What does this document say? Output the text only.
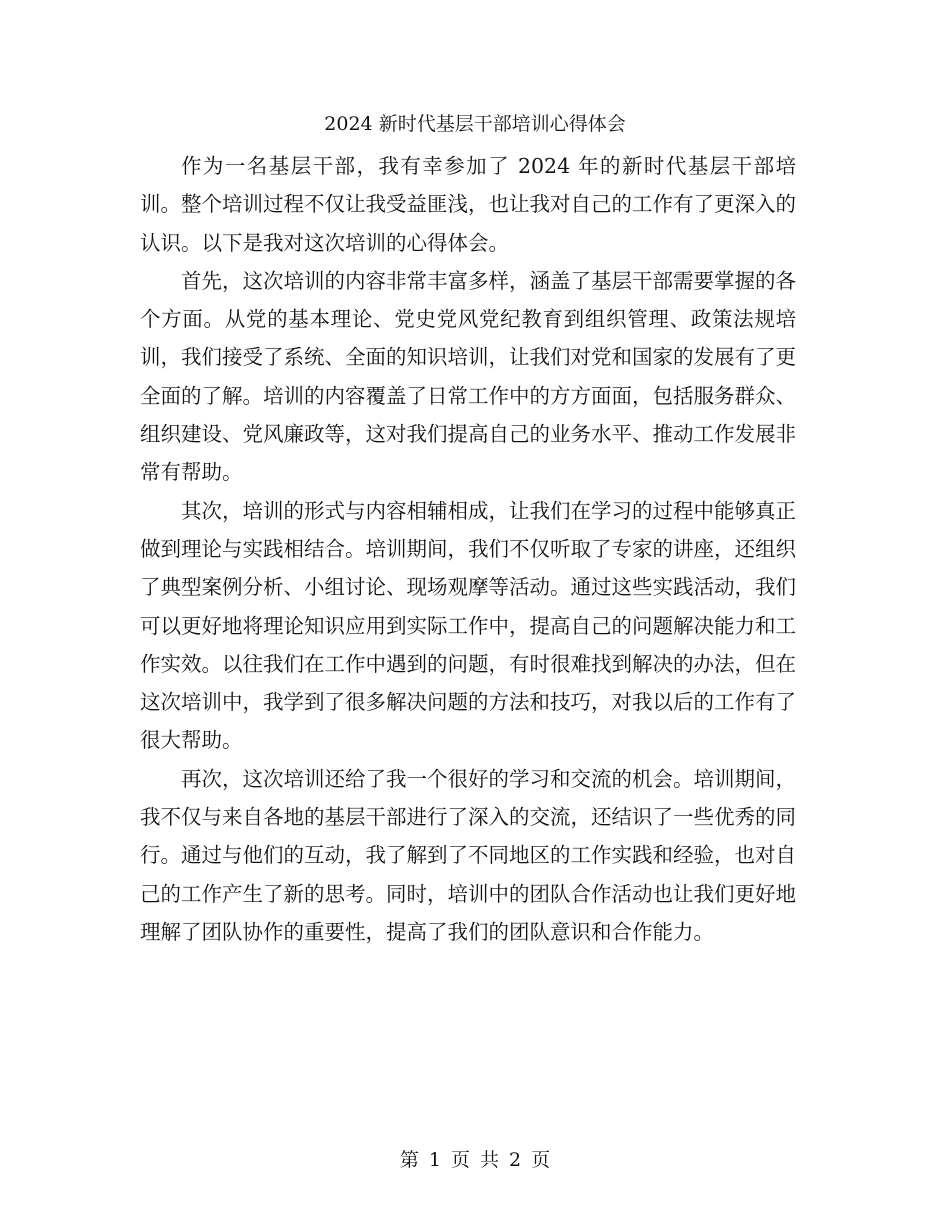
2024 新时代基层干部培训心得体会

作为一名基层干部，我有幸参加了 2024 年的新时代基层干部培训。整个培训过程不仅让我受益匪浅，也让我对自己的工作有了更深入的认识。以下是我对这次培训的心得体会。

首先，这次培训的内容非常丰富多样，涵盖了基层干部需要掌握的各个方面。从党的基本理论、党史党风党纪教育到组织管理、政策法规培训，我们接受了系统、全面的知识培训，让我们对党和国家的发展有了更全面的了解。培训的内容覆盖了日常工作中的方方面面，包括服务群众、组织建设、党风廉政等，这对我们提高自己的业务水平、推动工作发展非常有帮助。

其次，培训的形式与内容相辅相成，让我们在学习的过程中能够真正做到理论与实践相结合。培训期间，我们不仅听取了专家的讲座，还组织了典型案例分析、小组讨论、现场观摩等活动。通过这些实践活动，我们可以更好地将理论知识应用到实际工作中，提高自己的问题解决能力和工作实效。以往我们在工作中遇到的问题，有时很难找到解决的办法，但在这次培训中，我学到了很多解决问题的方法和技巧，对我以后的工作有了很大帮助。

再次，这次培训还给了我一个很好的学习和交流的机会。培训期间，我不仅与来自各地的基层干部进行了深入的交流，还结识了一些优秀的同行。通过与他们的互动，我了解到了不同地区的工作实践和经验，也对自己的工作产生了新的思考。同时，培训中的团队合作活动也让我们更好地理解了团队协作的重要性，提高了我们的团队意识和合作能力。

第 1 页 共 2 页
